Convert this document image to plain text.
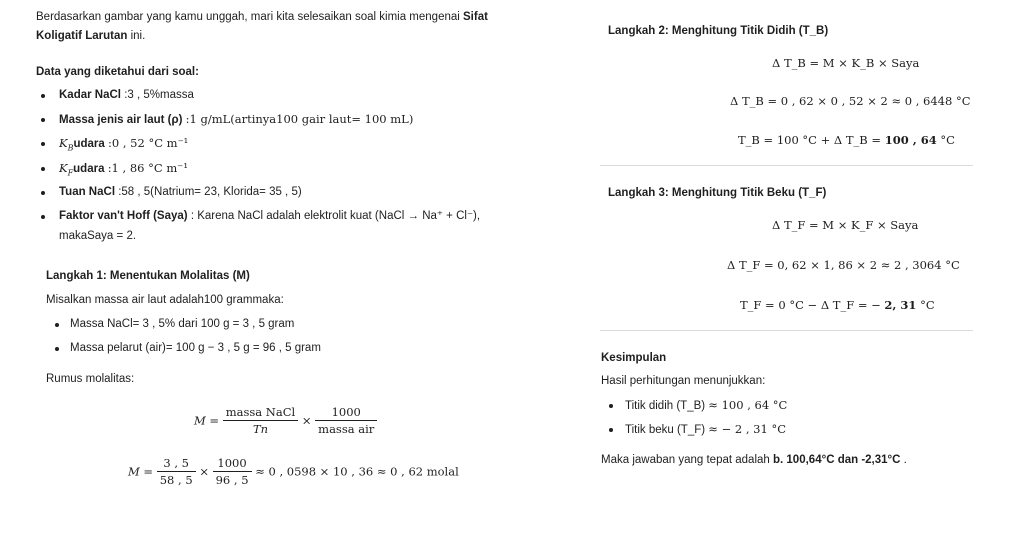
Berdasarkan gambar yang kamu unggah, mari kita selesaikan soal kimia mengenai Sifat
Koligatif Larutan ini.
Data yang diketahui dari soal:
Kadar NaCl :3 , 5%massa
Massa jenis air laut (ρ) :1 g/mL(artinya100 gair laut= 100 mL)
$K_Budara$ :0 , 52 °C m⁻¹
$K_Fudara$ :1 , 86 °C m⁻¹
Tuan NaCl :58 , 5(Natrium= 23, Klorida= 35 , 5)
Faktor van't Hoff (Saya) : Karena NaCl adalah elektrolit kuat (NaCl → Na⁺ + Cl⁻),
makaSaya = 2.
Langkah 1: Menentukan Molalitas (M)
Misalkan massa air laut adalah100 grammaka:
Massa NaCl= 3 , 5% dari 100 g = 3 , 5 gram
Massa pelarut (air)= 100 g − 3 , 5 g = 96 , 5 gram
Rumus molalitas:
$M = \frac{\text{massa NaCl}}{Tn} \times \frac{1000}{\text{massa air}}$
$M = \frac{3 , 5}{58 , 5} \times \frac{1000}{96 , 5} \approx 0$ , 0598 × 10 , 36 ≈ 0 , 62 molal
Langkah 2: Menghitung Titik Didih (T_B)
Δ T_B = M × K_B × Saya
Δ T_B = 0 , 62 × 0 , 52 × 2 ≈ 0 , 6448 °C
T_B = 100 °C + Δ T_B = 100 , 64 °C
Langkah 3: Menghitung Titik Beku (T_F)
Δ T_F = M × K_F × Saya
Δ T_F = 0, 62 × 1, 86 × 2 ≈ 2 , 3064 °C
T_F = 0 °C − Δ T_F = − 2, 31 °C
Kesimpulan
Hasil perhitungan menunjukkan:
Titik didih (T_B) ≈ 100 , 64 °C
Titik beku (T_F) ≈ − 2 , 31 °C
Maka jawaban yang tepat adalah b. 100,64°C dan -2,31°C .
